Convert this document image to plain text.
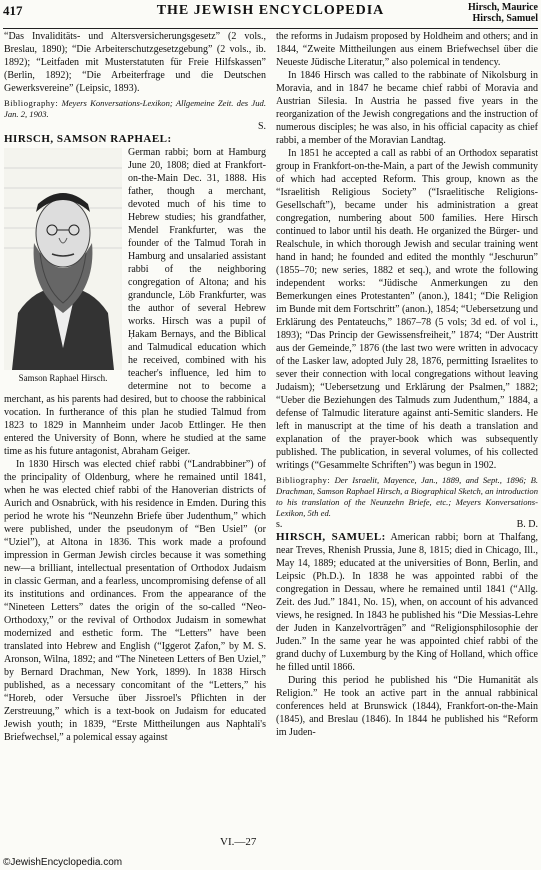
417	THE JEWISH ENCYCLOPEDIA	Hirsch, Maurice
Hirsch, Samuel

“Das Invaliditäts- und Altersversicherungsgesetz” (2 vols., Breslau, 1890); “Die Arbeiterschutzgesetzgebung” (2 vols., ib. 1892); “Leitfaden mit Musterstatuten für Freie Hilfskassen” (Berlin, 1892); “Die Arbeiterfrage und die Deutschen Gewerksvereine” (Leipsic, 1893).

Bibliography: Meyers Konversations-Lexikon; Allgemeine Zeit. des Jud. Jan. 2, 1903.

S.

HIRSCH, SAMSON RAPHAEL:

Samson Raphael Hirsch.

German rabbi; born at Hamburg June 20, 1808; died at Frankfort-on-the-Main Dec. 31, 1888. His father, though a merchant, devoted much of his time to Hebrew studies; his grandfather, Mendel Frankfurter, was the founder of the Talmud Torah in Hamburg and unsalaried assistant rabbi of the neighboring congregation of Altona; and his granduncle, Löb Frankfurter, was the author of several Hebrew works. Hirsch was a pupil of Ḥakam Bernays, and the Biblical and Talmudical education which he received, combined with his teacher's influence, led him to determine not to become a merchant, as his parents had desired, but to choose the rabbinical vocation. In furtherance of this plan he studied Talmud from 1823 to 1829 in Mannheim under Jacob Ettlinger. He then entered the University of Bonn, where he studied at the same time as his future antagonist, Abraham Geiger.

In 1830 Hirsch was elected chief rabbi (“Landrabbiner”) of the principality of Oldenburg, where he remained until 1841, when he was elected chief rabbi of the Hanoverian districts of Aurich and Osnabrück, with his residence in Emden. During this period he wrote his “Neunzehn Briefe über Judenthum,” which were published, under the pseudonym of “Ben Usiel” (or “Uziel”), at Altona in 1836. This work made a profound impression in German Jewish circles because it was something new—a brilliant, intellectual presentation of Orthodox Judaism in classic German, and a fearless, uncompromising defense of all its institutions and ordinances. From the appearance of the “Nineteen Letters” dates the origin of the so-called “Neo-Orthodoxy,” or the revival of Orthodox Judaism in somewhat modernized and esthetic form. The “Letters” have been translated into Hebrew and English (“Iggerot Ẓafon,” by M. S. Aronson, Wilna, 1892; and “The Nineteen Letters of Ben Uziel,” by Bernard Drachman, New York, 1899). In 1838 Hirsch published, as a necessary concomitant of the “Letters,” his “Horeb, oder Versuche über Jissroel's Pflichten in der Zerstreuung,” which is a text-book on Judaism for educated Jewish youth; in 1839, “Erste Mittheilungen aus Naphtali's Briefwechsel,” a polemical essay against

VI.—27

the reforms in Judaism proposed by Holdheim and others; and in 1844, “Zweite Mittheilungen aus einem Briefwechsel über die Neueste Jüdische Literatur,” also polemical in tendency.

In 1846 Hirsch was called to the rabbinate of Nikolsburg in Moravia, and in 1847 he became chief rabbi of Moravia and Austrian Silesia. In Austria he passed five years in the reorganization of the Jewish congregations and the instruction of numerous disciples; he was also, in his official capacity as chief rabbi, a member of the Moravian Landtag.

In 1851 he accepted a call as rabbi of an Orthodox separatist group in Frankfort-on-the-Main, a part of the Jewish community of which had accepted Reform. This group, known as the “Israelitish Religious Society” (“Israelitische Religions-Gesellschaft”), became under his administration a great congregation, numbering about 500 families. Here Hirsch continued to labor until his death. He organized the Bürger- und Realschule, in which thorough Jewish and secular training went hand in hand; he founded and edited the monthly “Jeschurun” (1855–70; new series, 1882 et seq.), and wrote the following independent works: “Jüdische Anmerkungen zu den Bemerkungen eines Protestanten” (anon.), 1841; “Die Religion im Bunde mit dem Fortschritt” (anon.), 1854; “Uebersetzung und Erklärung des Pentateuchs,” 1867–78 (5 vols; 3d ed. of vol i., 1893); “Das Princip der Gewissensfreiheit,” 1874; “Der Austritt aus der Gemeinde,” 1876 (the last two were written in advocacy of the Lasker law, adopted July 28, 1876, permitting Israelites to sever their connection with local congregations without leaving Judaism); “Uebersetzung und Erklärung der Psalmen,” 1882; “Ueber die Beziehungen des Talmuds zum Judenthum,” 1884, a defense of Talmudic literature against anti-Semitic slanders. He left in manuscript at the time of his death a translation and explanation of the prayer-book which was subsequently published. The publication, in several volumes, of his collected writings (“Gesammelte Schriften”) was begun in 1902.

Bibliography: Der Israelit, Mayence, Jan., 1889, and Sept., 1896; B. Drachman, Samson Raphael Hirsch, a Biographical Sketch, an introduction to his translation of the Neunzehn Briefe, etc.; Meyers Konversations-Lexikon, 5th ed.

s.	B. D.

HIRSCH, SAMUEL: American rabbi; born at Thalfang, near Treves, Rhenish Prussia, June 8, 1815; died in Chicago, Ill., May 14, 1889; educated at the universities of Bonn, Berlin, and Leipsic (Ph.D.). In 1838 he was appointed rabbi of the congregation in Dessau, where he remained until 1841 (“Allg. Zeit. des Jud.” 1841, No. 15), when, on account of his advanced views, he resigned. In 1843 he published his “Die Messias-Lehre der Juden in Kanzelvorträgen” and “Religionsphilosophie der Juden.” In the same year he was appointed chief rabbi of the grand duchy of Luxemburg by the King of Holland, which office he filled until 1866.

During this period he published his “Die Humanität als Religion.” He took an active part in the annual rabbinical conferences held at Brunswick (1844), Frankfort-on-the-Main (1845), and Breslau (1846). In 1844 he published his “Reform im Juden-

©JewishEncyclopedia.com
